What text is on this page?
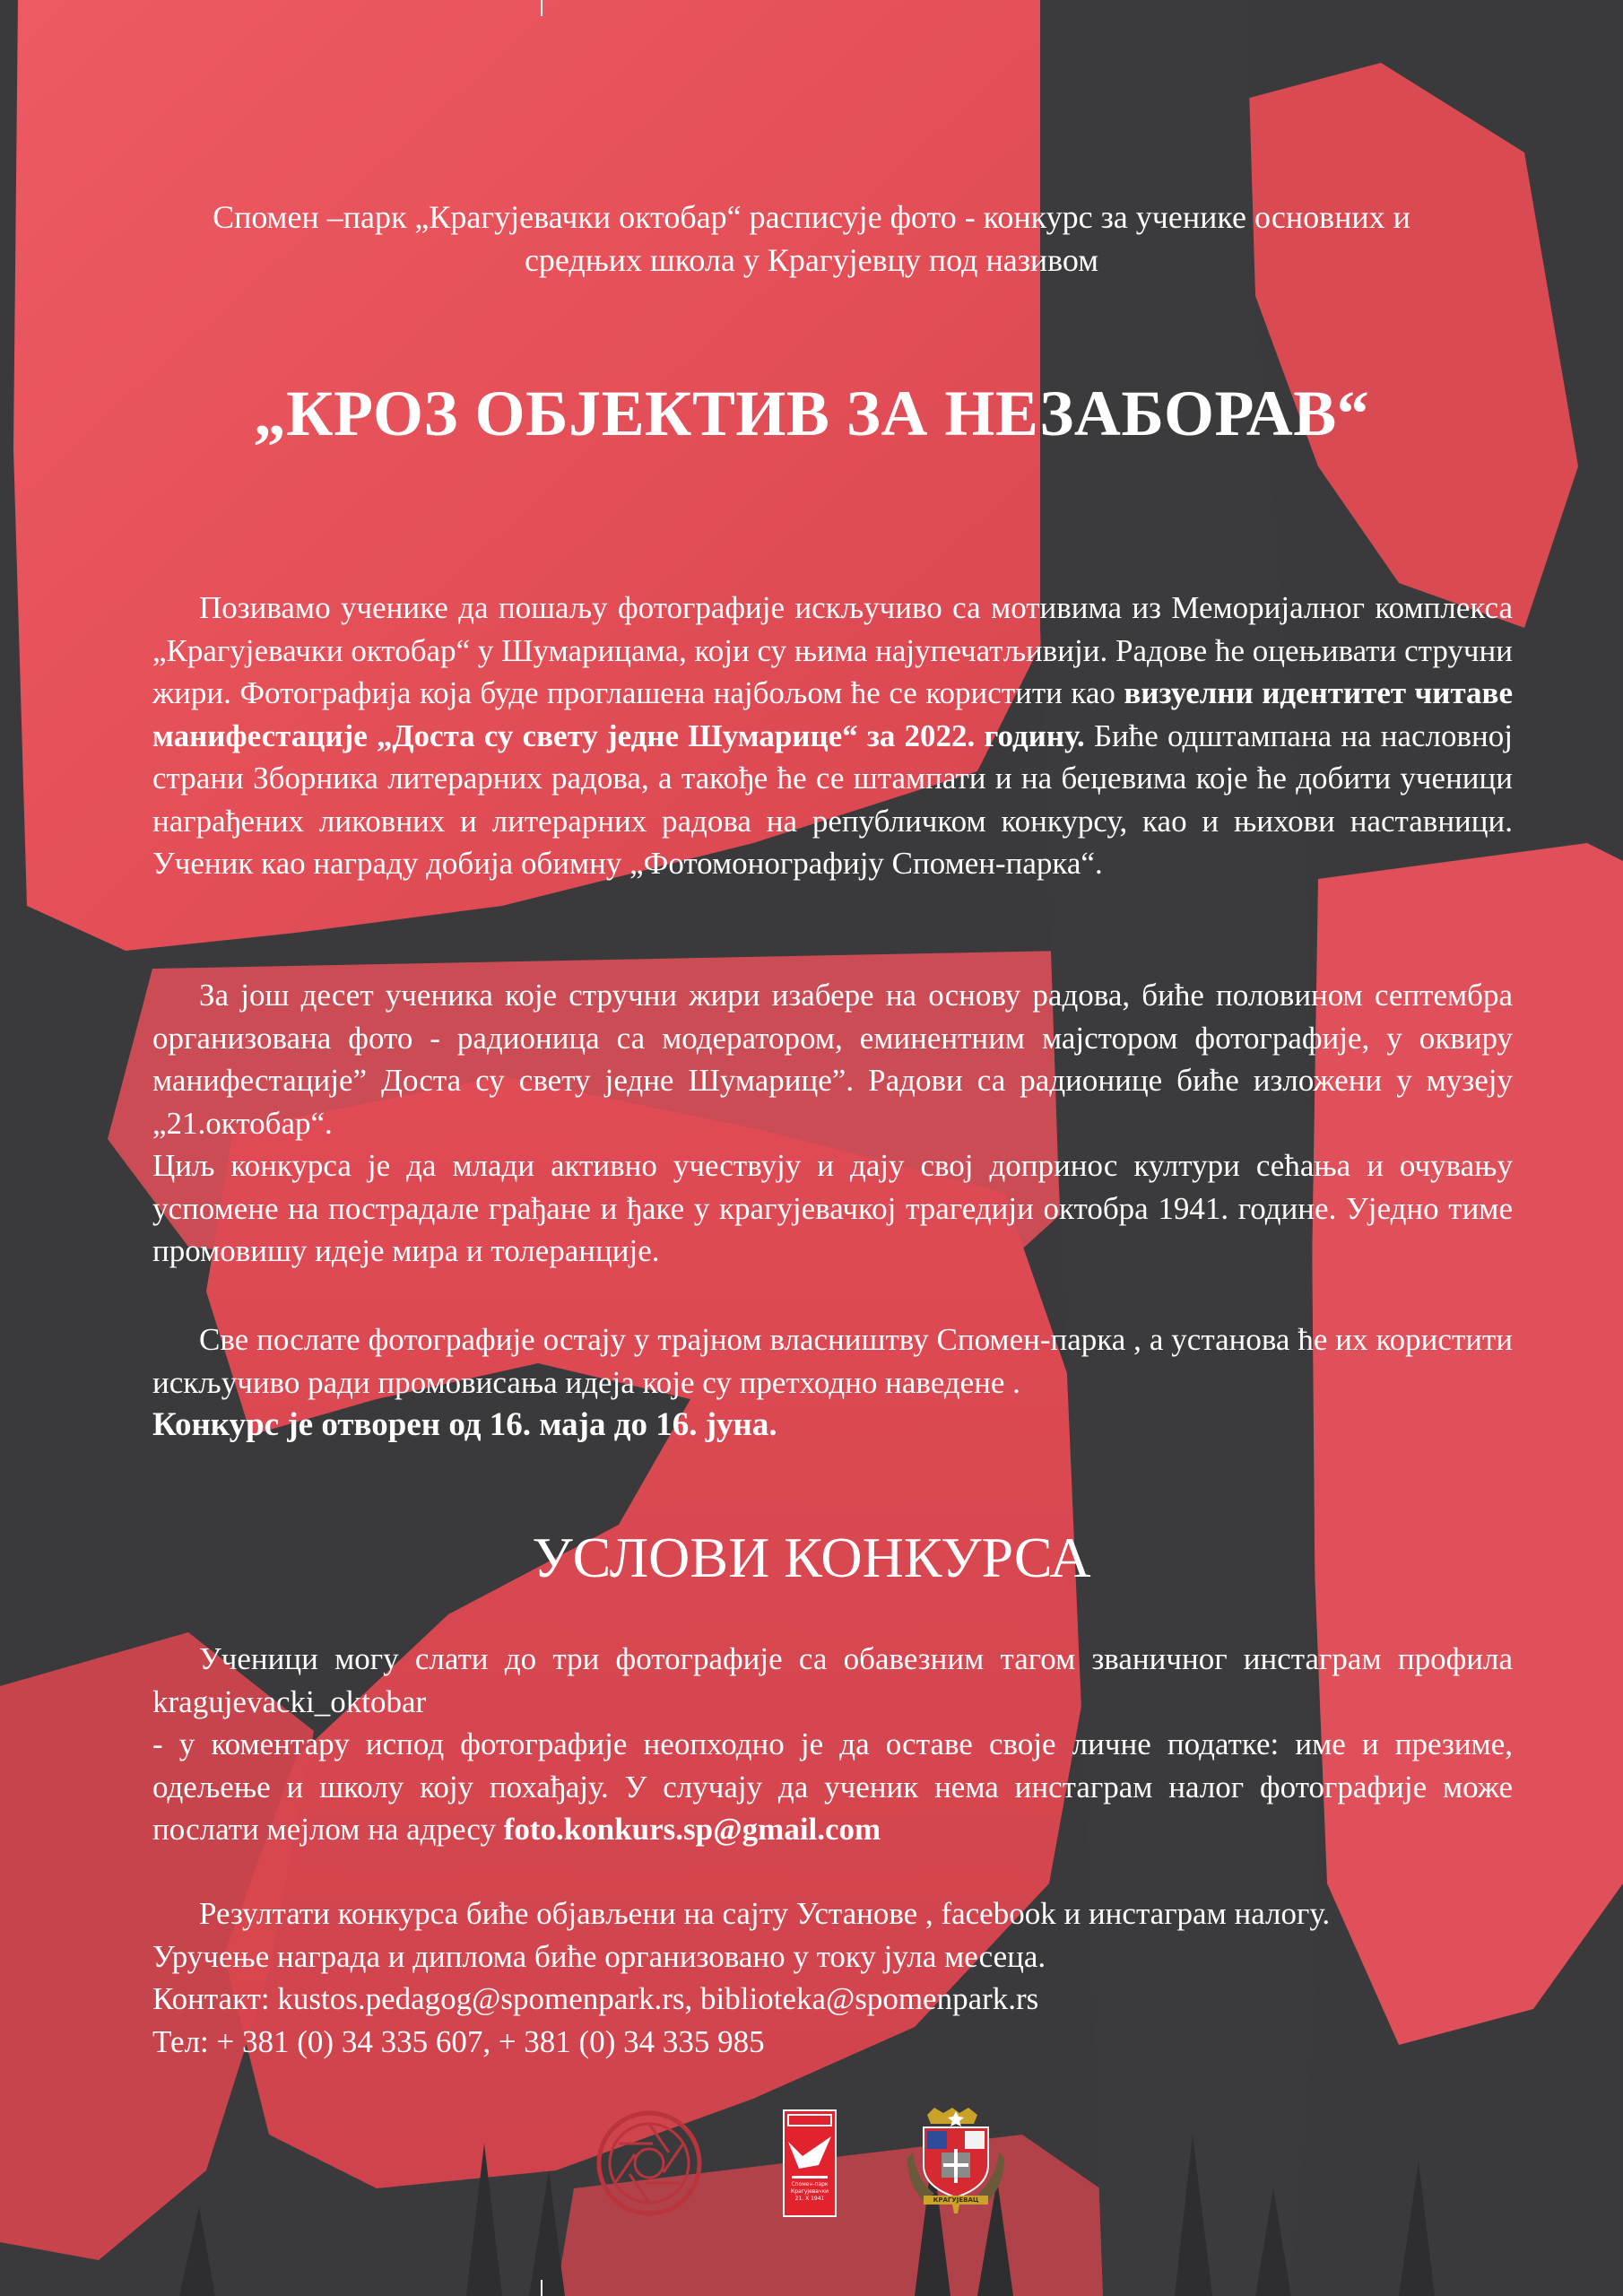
Спомен –парк „Крагујевачки октобар“ расписује фото - конкурс за ученике основних и
средњих школа у Крагујевцу под називом
„КРОЗ ОБЈЕКТИВ ЗА НЕЗАБОРАВ“

Позивамо ученике да пошаљу фотографије искључиво са мотивима из Меморијалног комплекса „Крагујевачки октобар“ у Шумарицама, који су њима најупечатљивији. Радове ће оцењивати стручни жири. Фотографија која буде проглашена најбољом ће се користити као визуелни идентитет читаве манифестације „Доста су свету једне Шумарице“ за 2022. годину. Биће одштампана на насловној страни Зборника литерарних радова, а такође ће се штампати и на беџевима које ће добити ученици награђених ликовних и литерарних радова на републичком конкурсу, као и њихови наставници. Ученик као награду добија обимну „Фотомонографију Спомен-парка“.

За још десет ученика које стручни жири изабере на основу радова, биће половином септембра организована фото - радионица са модератором, еминентним мајстором фотографије, у оквиру манифестације” Доста су свету једне Шумарице”. Радови са радионице биће изложени у музеју „21.октобар“.

Циљ конкурса је да млади активно учествују и дају свој допринос култури сећања и очувању успомене на пострадале грађане и ђаке у крагујевачкој трагедији октобра 1941. године. Уједно тиме промовишу идеје мира и толеранције.

Све послате фотографије остају у трајном власништву Спомен-парка , а установа ће их користити искључиво ради промовисања идеја које су претходно наведене .

Конкурс је отворен од 16. маја до 16. јуна.

УСЛОВИ КОНКУРСА

Ученици могу слати до три фотографије са обавезним тагом званичног инстаграм профила kragujevacki_oktobar

- у коментару испод фотографије неопходно је да оставе своје личне податке: име и презиме, одељење и школу коју похађају. У случају да ученик нема инстаграм налог фотографије може послати мејлом на адресу foto.konkurs.sp@gmail.com

Резултати конкурса биће објављени на сајту Установе , facebook и инстаграм налогу.

Уручење награда и диплома биће организовано у току јула месеца.

Контакт: kustos.pedagog@spomenpark.rs, biblioteka@spomenpark.rs

Тел: + 381 (0) 34 335 607, + 381 (0) 34 335 985

Спомен-парк
Крагујевачки
21. X 1941	КРАГУЈЕВАЦ
